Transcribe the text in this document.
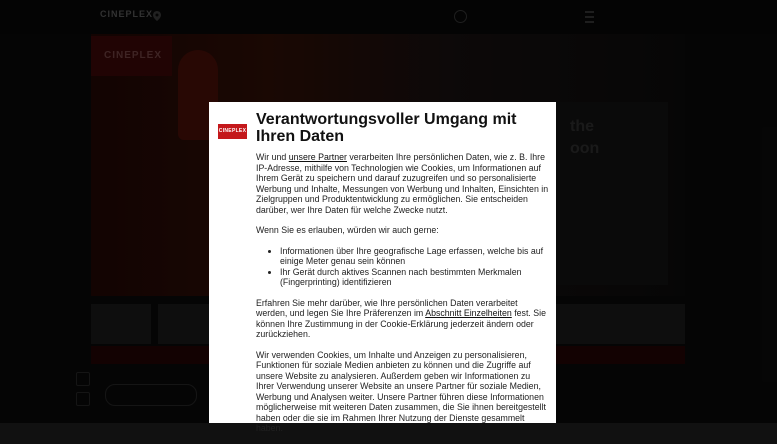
CINEPLEX
Verantwortungsvoller Umgang mit Ihren Daten

Wir und unsere Partner verarbeiten Ihre persönlichen Daten, wie z. B. Ihre IP-Adresse, mithilfe von Technologien wie Cookies, um Informationen auf Ihrem Gerät zu speichern und darauf zuzugreifen und so personalisierte Werbung und Inhalte, Messungen von Werbung und Inhalten, Einsichten in Zielgruppen und Produktentwicklung zu ermöglichen. Sie entscheiden darüber, wer Ihre Daten für welche Zwecke nutzt.

Wenn Sie es erlauben, würden wir auch gerne:

• Informationen über Ihre geografische Lage erfassen, welche bis auf einige Meter genau sein können
• Ihr Gerät durch aktives Scannen nach bestimmten Merkmalen (Fingerprinting) identifizieren

Erfahren Sie mehr darüber, wie Ihre persönlichen Daten verarbeitet werden, und legen Sie Ihre Präferenzen im Abschnitt Einzelheiten fest. Sie können Ihre Zustimmung in der Cookie-Erklärung jederzeit ändern oder zurückziehen.

Wir verwenden Cookies, um Inhalte und Anzeigen zu personalisieren, Funktionen für soziale Medien anbieten zu können und die Zugriffe auf unsere Website zu analysieren. Außerdem geben wir Informationen zu Ihrer Verwendung unserer Website an unsere Partner für soziale Medien, Werbung und Analysen weiter. Unsere Partner führen diese Informationen möglicherweise mit weiteren Daten zusammen, die Sie ihnen bereitgestellt haben oder die sie im Rahmen Ihrer Nutzung der Dienste gesammelt haben.
